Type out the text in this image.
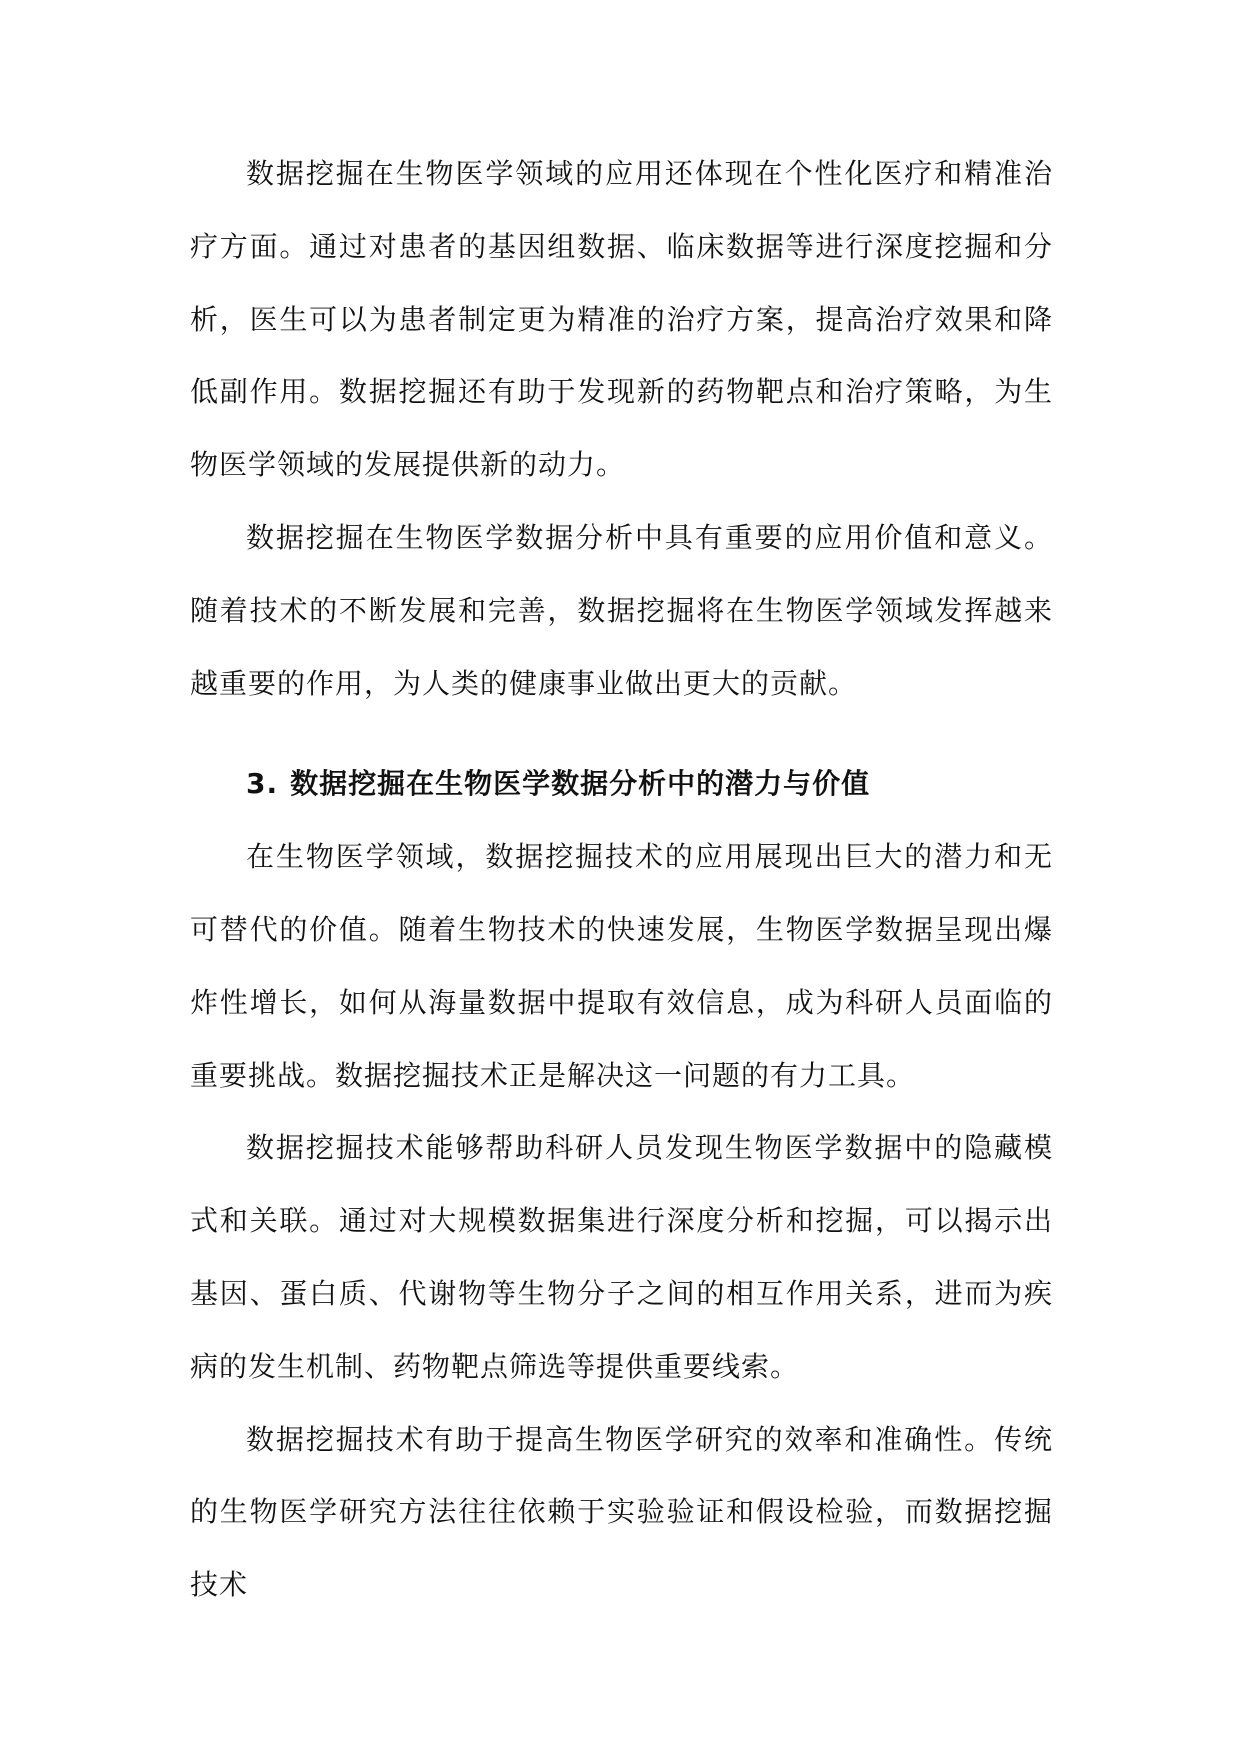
数据挖掘在生物医学领域的应用还体现在个性化医疗和精准治疗方面。通过对患者的基因组数据、临床数据等进行深度挖掘和分析，医生可以为患者制定更为精准的治疗方案，提高治疗效果和降低副作用。数据挖掘还有助于发现新的药物靶点和治疗策略，为生物医学领域的发展提供新的动力。

数据挖掘在生物医学数据分析中具有重要的应用价值和意义。随着技术的不断发展和完善，数据挖掘将在生物医学领域发挥越来越重要的作用，为人类的健康事业做出更大的贡献。

3. 数据挖掘在生物医学数据分析中的潜力与价值

在生物医学领域，数据挖掘技术的应用展现出巨大的潜力和无可替代的价值。随着生物技术的快速发展，生物医学数据呈现出爆炸性增长，如何从海量数据中提取有效信息，成为科研人员面临的重要挑战。数据挖掘技术正是解决这一问题的有力工具。

数据挖掘技术能够帮助科研人员发现生物医学数据中的隐藏模式和关联。通过对大规模数据集进行深度分析和挖掘，可以揭示出基因、蛋白质、代谢物等生物分子之间的相互作用关系，进而为疾病的发生机制、药物靶点筛选等提供重要线索。

数据挖掘技术有助于提高生物医学研究的效率和准确性。传统的生物医学研究方法往往依赖于实验验证和假设检验，而数据挖掘技术
